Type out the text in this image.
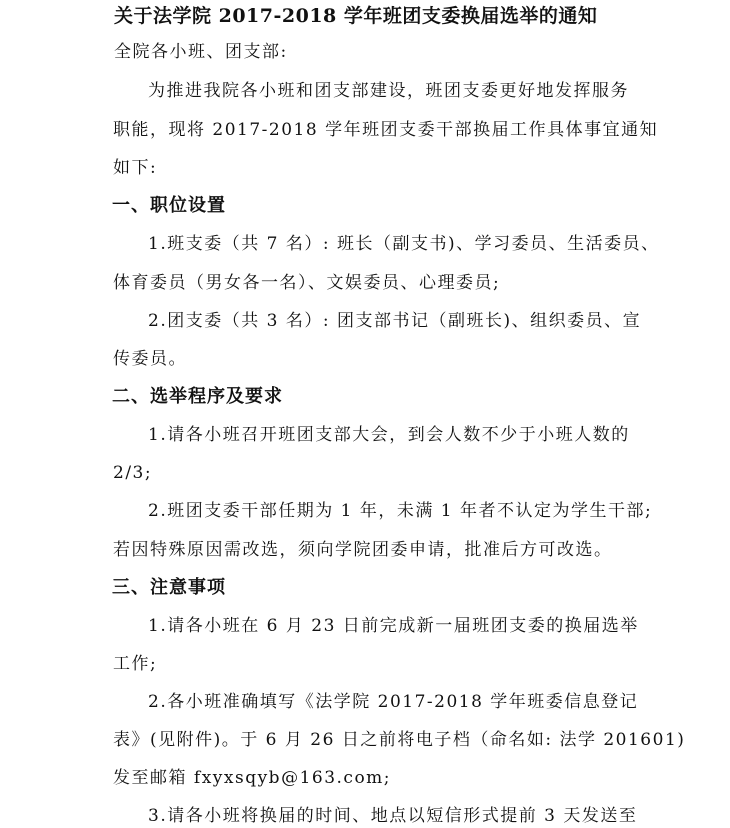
关于法学院 2017-2018 学年班团支委换届选举的通知
全院各小班、团支部:
为推进我院各小班和团支部建设，班团支委更好地发挥服务
职能，现将 2017-2018 学年班团支委干部换届工作具体事宜通知
如下:
一、职位设置
1.班支委（共 7 名）: 班长（副支书)、学习委员、生活委员、
体育委员（男女各一名）、文娱委员、心理委员;
2.团支委（共 3 名）: 团支部书记（副班长)、组织委员、宣
传委员。
二、选举程序及要求
1.请各小班召开班团支部大会，到会人数不少于小班人数的
2/3;
2.班团支委干部任期为 1 年，未满 1 年者不认定为学生干部;
若因特殊原因需改选，须向学院团委申请，批准后方可改选。
三、注意事项
1.请各小班在 6 月 23 日前完成新一届班团支委的换届选举
工作;
2.各小班准确填写《法学院 2017-2018 学年班委信息登记
表》(见附件)。于 6 月 26 日之前将电子档（命名如: 法学 201601)
发至邮箱 fxyxsqyb@163.com;
3.请各小班将换届的时间、地点以短信形式提前 3 天发送至
